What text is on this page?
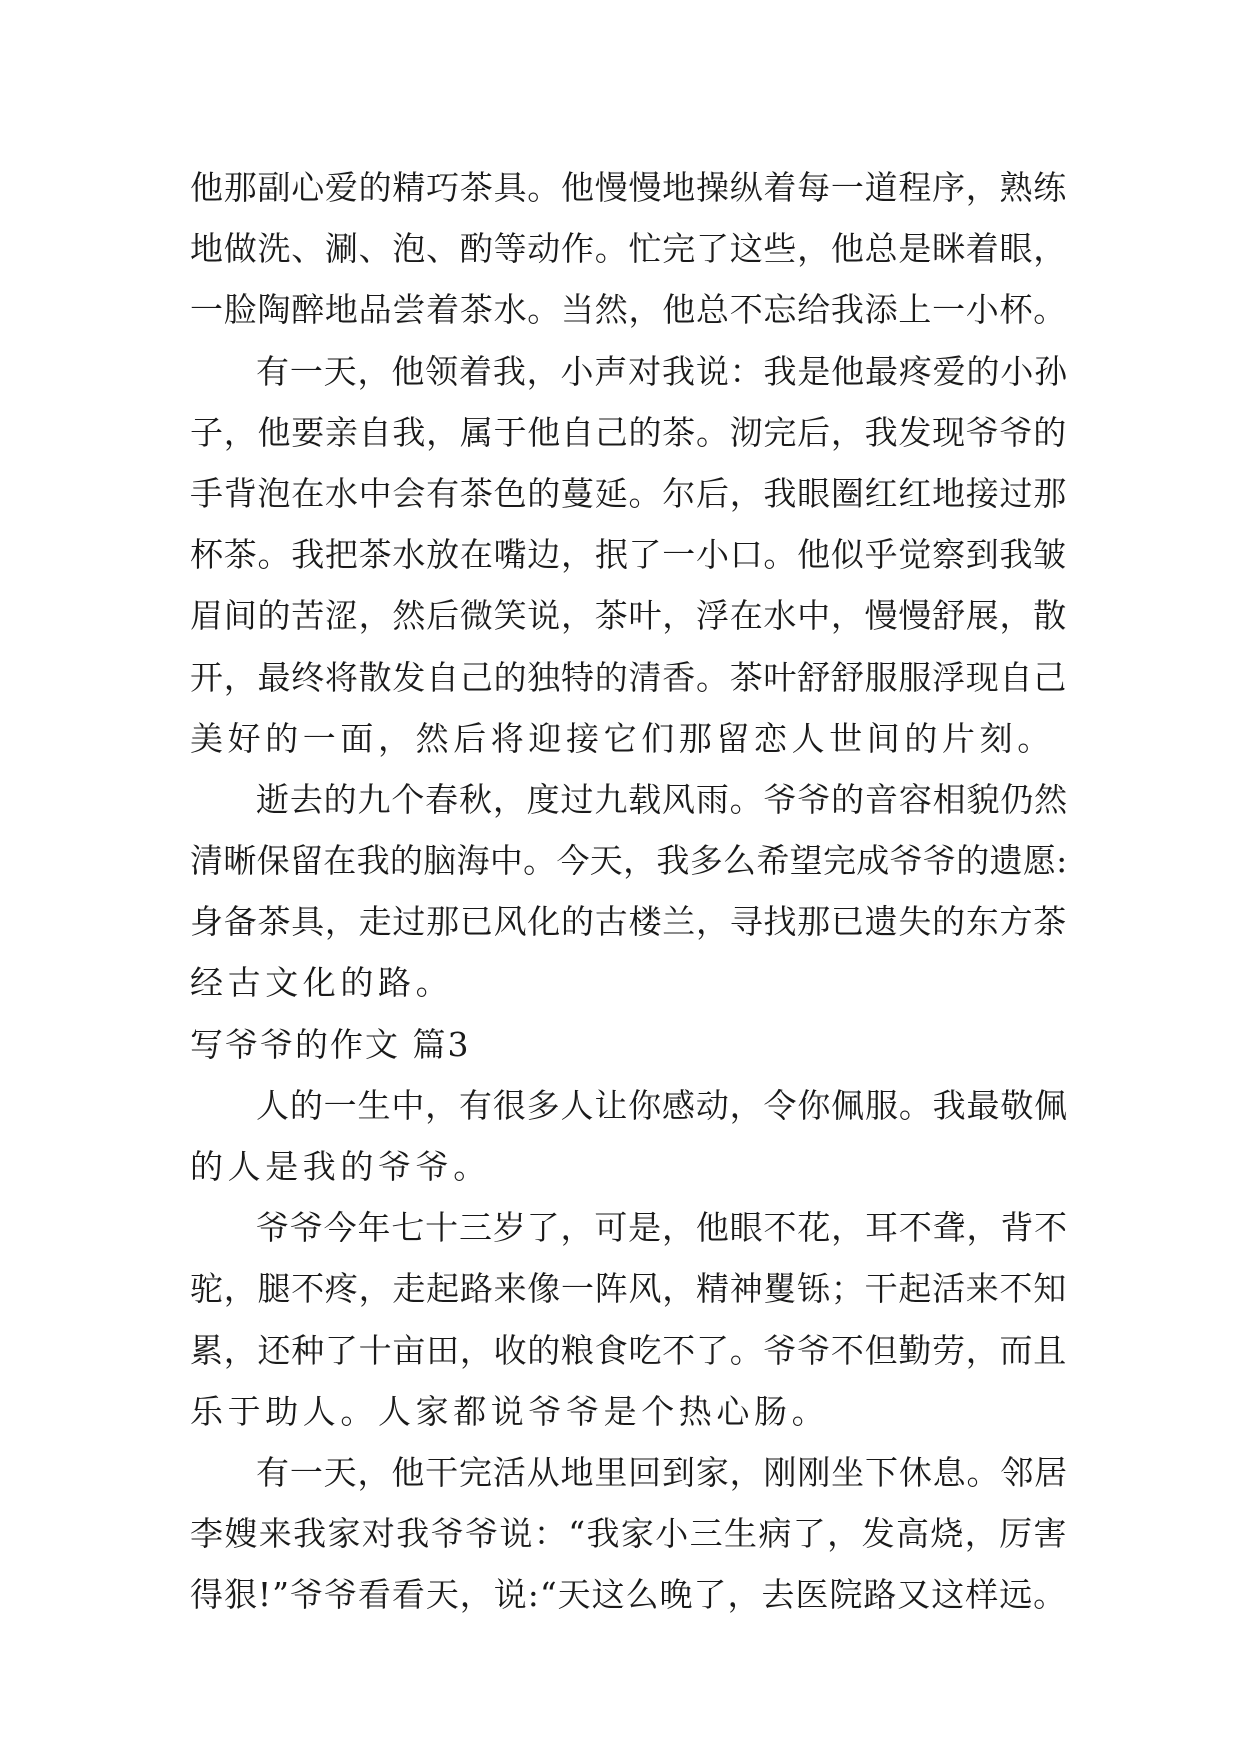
他那副心爱的精巧茶具。他慢慢地操纵着每一道程序，熟练
地做洗、涮、泡、酌等动作。忙完了这些，他总是眯着眼，
一脸陶醉地品尝着茶水。当然，他总不忘给我添上一小杯。
有一天，他领着我，小声对我说：我是他最疼爱的小孙
子，他要亲自我，属于他自己的茶。沏完后，我发现爷爷的
手背泡在水中会有茶色的蔓延。尔后，我眼圈红红地接过那
杯茶。我把茶水放在嘴边，抿了一小口。他似乎觉察到我皱
眉间的苦涩，然后微笑说，茶叶，浮在水中，慢慢舒展，散
开，最终将散发自己的独特的清香。茶叶舒舒服服浮现自己
美好的一面，然后将迎接它们那留恋人世间的片刻。
逝去的九个春秋，度过九载风雨。爷爷的音容相貌仍然
清晰保留在我的脑海中。今天，我多么希望完成爷爷的遗愿:
身备茶具，走过那已风化的古楼兰，寻找那已遗失的东方茶
经古文化的路。
写爷爷的作文 篇3
人的一生中，有很多人让你感动，令你佩服。我最敬佩
的人是我的爷爷。
爷爷今年七十三岁了，可是，他眼不花，耳不聋，背不
驼，腿不疼，走起路来像一阵风，精神矍铄；干起活来不知
累，还种了十亩田，收的粮食吃不了。爷爷不但勤劳，而且
乐于助人。人家都说爷爷是个热心肠。
有一天，他干完活从地里回到家，刚刚坐下休息。邻居
李嫂来我家对我爷爷说：“我家小三生病了，发高烧，厉害
得狠!”爷爷看看天，说:“天这么晚了，去医院路又这样远。
